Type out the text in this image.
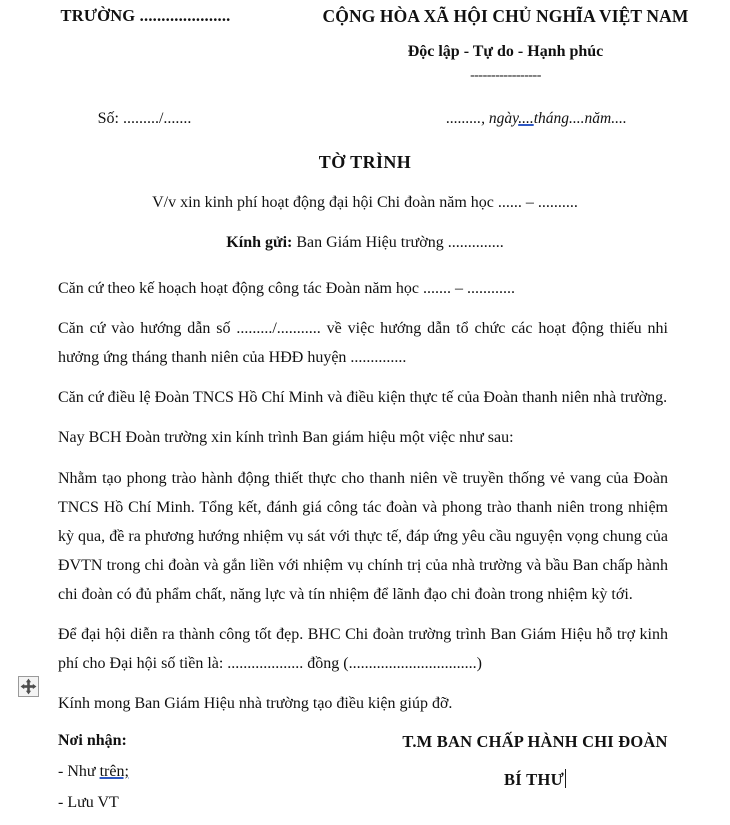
TRƯỜNG .....................	CỘNG HÒA XÃ HỘI CHỦ NGHĨA VIỆT NAM
Độc lập - Tự do - Hạnh phúc
-----------------
Số: ........./.......	........., ngày....tháng....năm....
TỜ TRÌNH
V/v xin kinh phí hoạt động đại hội Chi đoàn năm học ...... – ..........
Kính gửi: Ban Giám Hiệu trường ..............

Căn cứ theo kế hoạch hoạt động công tác Đoàn năm học ....... – ............

Căn cứ vào hướng dẫn số ........./........... về việc hướng dẫn tổ chức các hoạt động thiếu nhi hưởng ứng tháng thanh niên của HĐĐ huyện ..............

Căn cứ điều lệ Đoàn TNCS Hồ Chí Minh và điều kiện thực tế của Đoàn thanh niên nhà trường.

Nay BCH Đoàn trường xin kính trình Ban giám hiệu một việc như sau:

Nhằm tạo phong trào hành động thiết thực cho thanh niên về truyền thống vẻ vang của Đoàn TNCS Hồ Chí Minh. Tổng kết, đánh giá công tác đoàn và phong trào thanh niên trong nhiệm kỳ qua, đề ra phương hướng nhiệm vụ sát với thực tế, đáp ứng yêu cầu nguyện vọng chung của ĐVTN trong chi đoàn và gắn liền với nhiệm vụ chính trị của nhà trường và bầu Ban chấp hành chi đoàn có đủ phẩm chất, năng lực và tín nhiệm để lãnh đạo chi đoàn trong nhiệm kỳ tới.

Để đại hội diễn ra thành công tốt đẹp. BHC Chi đoàn trường trình Ban Giám Hiệu hỗ trợ kinh phí cho Đại hội số tiền là: ................... đồng (................................)

Kính mong Ban Giám Hiệu nhà trường tạo điều kiện giúp đỡ.

Nơi nhận:
- Như trên;
- Lưu VT
T.M BAN CHẤP HÀNH CHI ĐOÀN
BÍ THƯ
